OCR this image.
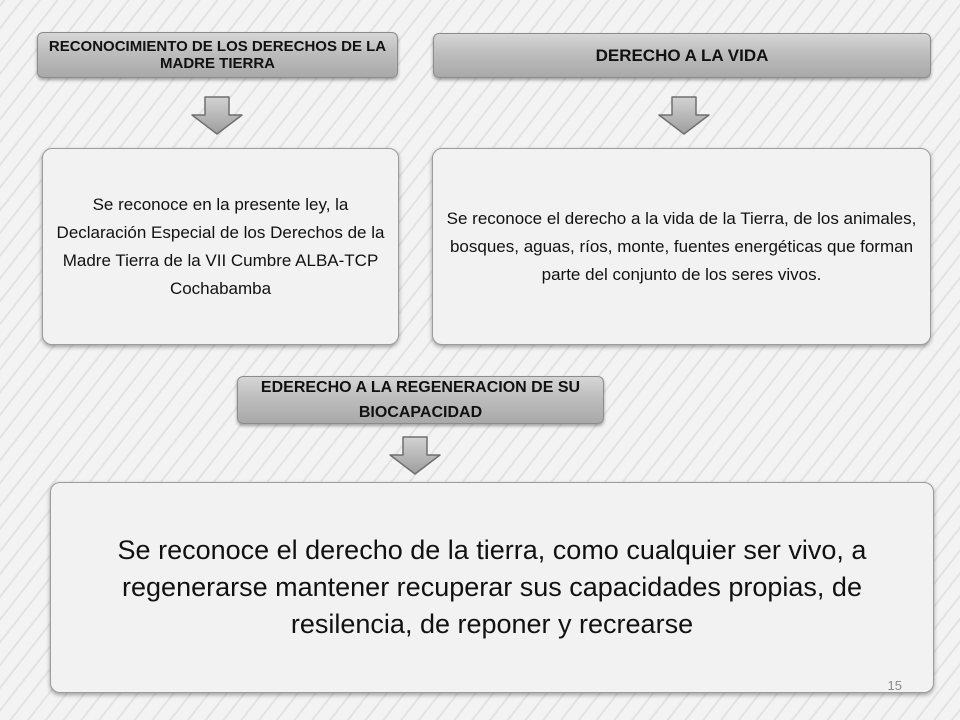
RECONOCIMIENTO DE LOS DERECHOS DE LA MADRE TIERRA	DERECHO A LA VIDA
Se reconoce en la presente ley, la Declaración Especial de los Derechos de la Madre Tierra de la VII Cumbre ALBA-TCP Cochabamba
Se reconoce el derecho a la vida de la Tierra, de los animales, bosques, aguas, ríos, monte, fuentes energéticas que forman parte del conjunto de los seres vivos.
EDERECHO A LA REGENERACION DE SU BIOCAPACIDAD
Se reconoce el derecho de la tierra, como cualquier ser vivo, a regenerarse mantener recuperar sus capacidades propias, de resilencia, de reponer y recrearse
15
